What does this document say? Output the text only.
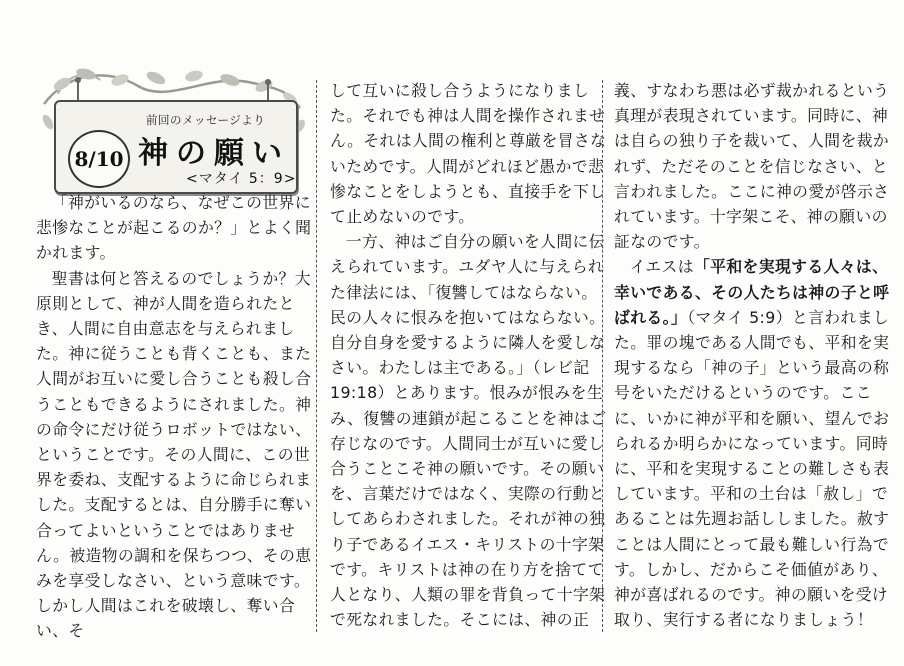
前回のメッセージより
8/10 神の願い
<マタイ 5：9>

「神がいるのなら、なぜこの世界に悲惨なことが起こるのか？」とよく聞かれます。

聖書は何と答えるのでしょうか？大原則として、神が人間を造られたとき、人間に自由意志を与えられました。神に従うことも背くことも、また人間がお互いに愛し合うことも殺し合うこともできるようにされました。神の命令にだけ従うロボットではない、ということです。その人間に、この世界を委ね、支配するように命じられました。支配するとは、自分勝手に奪い合ってよいということではありません。被造物の調和を保ちつつ、その恵みを享受しなさい、という意味です。しかし人間はこれを破壊し、奪い合い、そ

して互いに殺し合うようになりました。それでも神は人間を操作されません。それは人間の権利と尊厳を冒さないためです。人間がどれほど愚かで悲惨なことをしようとも、直接手を下して止めないのです。

一方、神はご自分の願いを人間に伝えられています。ユダヤ人に与えられた律法には、「復讐してはならない。民の人々に恨みを抱いてはならない。自分自身を愛するように隣人を愛しなさい。わたしは主である。」（レビ記 19:18）とあります。恨みが恨みを生み、復讐の連鎖が起こることを神はご存じなのです。人間同士が互いに愛し合うことこそ神の願いです。その願いを、言葉だけではなく、実際の行動としてあらわされました。それが神の独り子であるイエス・キリストの十字架です。キリストは神の在り方を捨てて人となり、人類の罪を背負って十字架で死なれました。そこには、神の正

義、すなわち悪は必ず裁かれるという真理が表現されています。同時に、神は自らの独り子を裁いて、人間を裁かれず、ただそのことを信じなさい、と言われました。ここに神の愛が啓示されています。十字架こそ、神の願いの証なのです。

イエスは「平和を実現する人々は、幸いである、その人たちは神の子と呼ばれる。」（マタイ 5:9）と言われました。罪の塊である人間でも、平和を実現するなら「神の子」という最高の称号をいただけるというのです。ここに、いかに神が平和を願い、望んでおられるか明らかになっています。同時に、平和を実現することの難しさも表しています。平和の土台は「赦し」であることは先週お話ししました。赦すことは人間にとって最も難しい行為です。しかし、だからこそ価値があり、神が喜ばれるのです。神の願いを受け取り、実行する者になりましょう！
